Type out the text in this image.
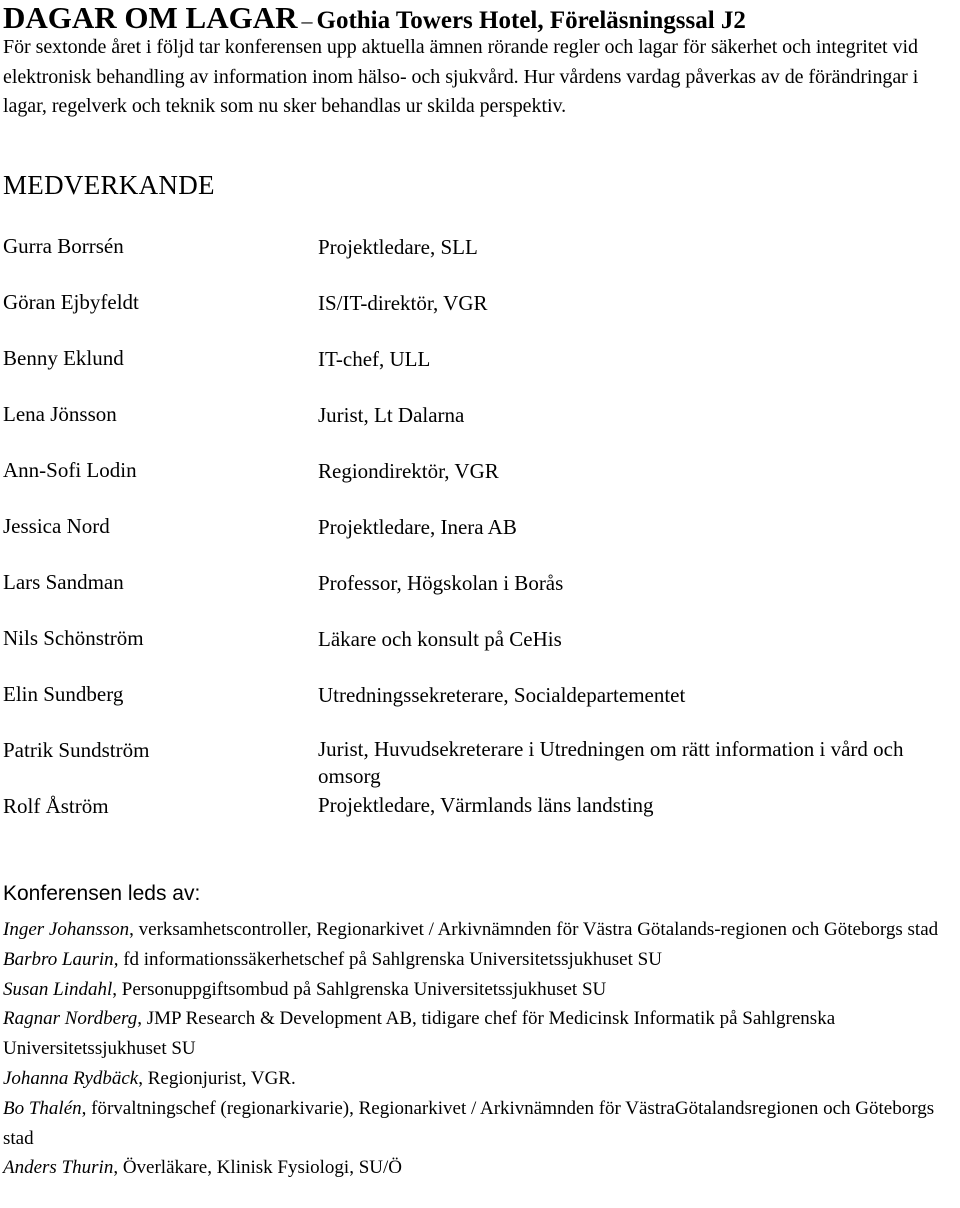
DAGAR OM LAGAR – Gothia Towers Hotel, Föreläsningssal J2

För sextonde året i följd tar konferensen upp aktuella ämnen rörande regler och lagar för säkerhet och integritet vid elektronisk behandling av information inom hälso- och sjukvård. Hur vårdens vardag påverkas av de förändringar i lagar, regelverk och teknik som nu sker behandlas ur skilda perspektiv.

MEDVERKANDE
Gurra Borrsén	Projektledare, SLL
Göran Ejbyfeldt	IS/IT-direktör, VGR
Benny Eklund	IT-chef, ULL
Lena Jönsson	Jurist, Lt Dalarna
Ann-Sofi Lodin	Regiondirektör, VGR
Jessica Nord	Projektledare, Inera AB
Lars Sandman	Professor, Högskolan i Borås
Nils Schönström	Läkare och konsult på CeHis
Elin Sundberg	Utredningssekreterare, Socialdepartementet
Patrik Sundström	Jurist, Huvudsekreterare i Utredningen om rätt information i vård och omsorg
Rolf Åström	Projektledare, Värmlands läns landsting
Konferensen leds av:

Inger Johansson, verksamhetscontroller, Regionarkivet / Arkivnämnden för Västra Götalands-regionen och Göteborgs stad

Barbro Laurin, fd informationssäkerhetschef på Sahlgrenska Universitetssjukhuset SU

Susan Lindahl, Personuppgiftsombud på Sahlgrenska Universitetssjukhuset SU

Ragnar Nordberg, JMP Research & Development AB, tidigare chef för Medicinsk Informatik på Sahlgrenska Universitetssjukhuset SU

Johanna Rydbäck, Regionjurist, VGR.

Bo Thalén, förvaltningschef (regionarkivarie), Regionarkivet / Arkivnämnden för VästraGötalandsregionen och Göteborgs stad

Anders Thurin, Överläkare, Klinisk Fysiologi, SU/Ö
